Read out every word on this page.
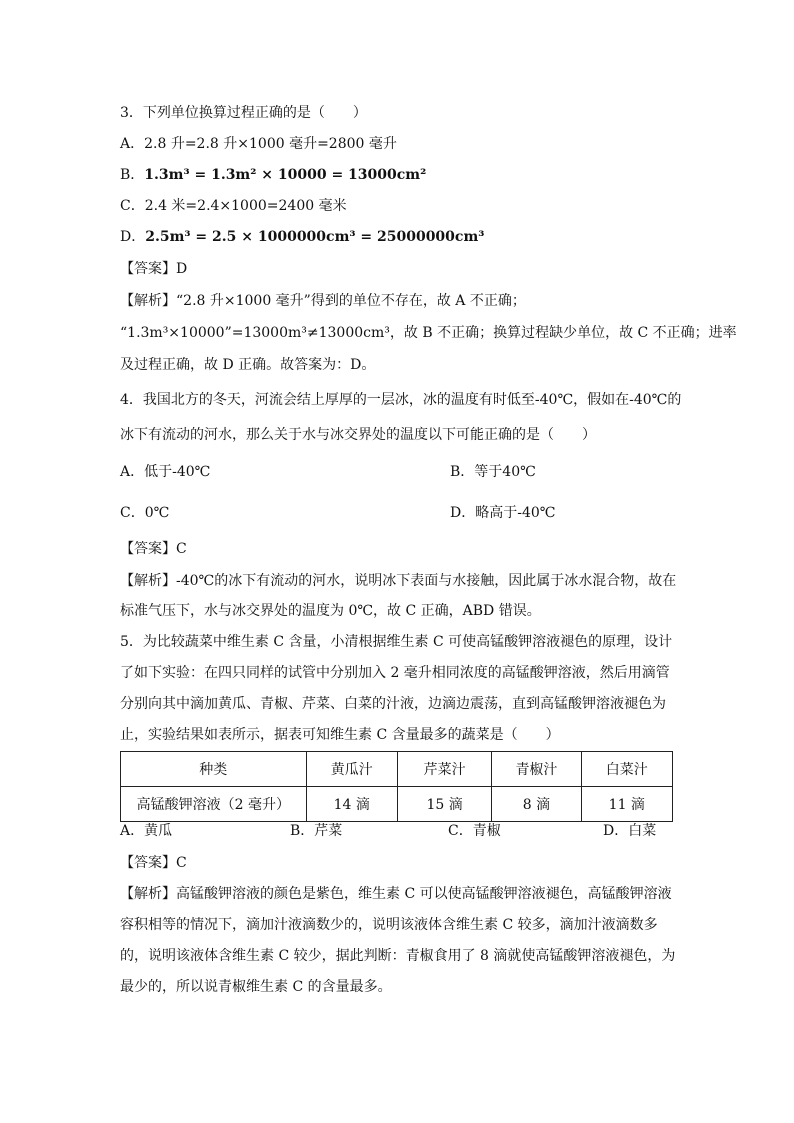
3．下列单位换算过程正确的是（　　）
A．2.8 升=2.8 升×1000 毫升=2800 毫升
B．1.3m³ = 1.3m² × 10000 = 13000cm²
C．2.4 米=2.4×1000=2400 毫米
D．2.5m³ = 2.5 × 1000000cm³ = 25000000cm³
【答案】D
【解析】“2.8 升×1000 毫升”得到的单位不存在，故 A 不正确；
“1.3m³×10000”=13000m³≠13000cm³，故 B 不正确；换算过程缺少单位，故 C 不正确；进率
及过程正确，故 D 正确。故答案为：D。
4．我国北方的冬天，河流会结上厚厚的一层冰，冰的温度有时低至-40℃，假如在-40℃的
冰下有流动的河水，那么关于水与冰交界处的温度以下可能正确的是（　　）
A．低于-40℃	B．等于40℃
C．0℃	D．略高于-40℃
【答案】C
【解析】-40℃的冰下有流动的河水，说明冰下表面与水接触，因此属于冰水混合物，故在
标准气压下，水与冰交界处的温度为 0℃，故 C 正确，ABD 错误。
5．为比较蔬菜中维生素 C 含量，小清根据维生素 C 可使高锰酸钾溶液褪色的原理，设计
了如下实验：在四只同样的试管中分别加入 2 毫升相同浓度的高锰酸钾溶液，然后用滴管
分别向其中滴加黄瓜、青椒、芹菜、白菜的汁液，边滴边震荡，直到高锰酸钾溶液褪色为
止，实验结果如表所示，据表可知维生素 C 含量最多的蔬菜是（　　）
种类	黄瓜汁	芹菜汁	青椒汁	白菜汁
高锰酸钾溶液（2 毫升）	14 滴	15 滴	8 滴	11 滴
A．黄瓜	B．芹菜	C．青椒	D．白菜
【答案】C
【解析】高锰酸钾溶液的颜色是紫色，维生素 C 可以使高锰酸钾溶液褪色，高锰酸钾溶液
容积相等的情况下，滴加汁液滴数少的，说明该液体含维生素 C 较多，滴加汁液滴数多
的，说明该液体含维生素 C 较少，据此判断：青椒食用了 8 滴就使高锰酸钾溶液褪色，为
最少的，所以说青椒维生素 C 的含量最多。
